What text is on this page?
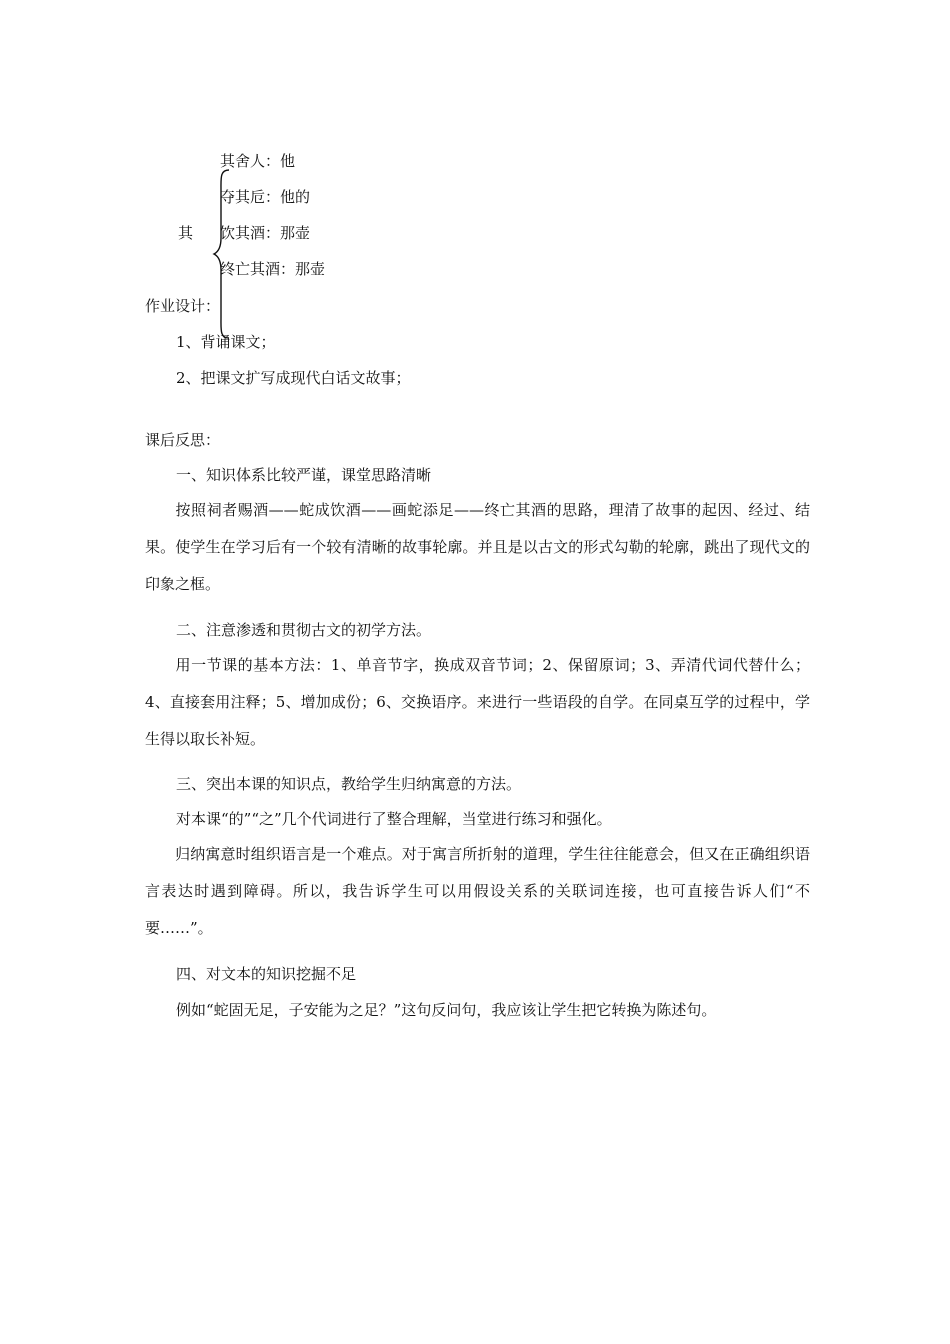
其舍人：他
夺其卮：他的
其 饮其酒：那壶
终亡其酒：那壶
作业设计：
1、背诵课文；
2、把课文扩写成现代白话文故事；
课后反思：
一、知识体系比较严谨，课堂思路清晰
按照祠者赐酒——蛇成饮酒——画蛇添足——终亡其酒的思路，理清了故事的起因、经过、结果。使学生在学习后有一个较有清晰的故事轮廓。并且是以古文的形式勾勒的轮廓，跳出了现代文的印象之框。
二、注意渗透和贯彻古文的初学方法。
用一节课的基本方法：1、单音节字，换成双音节词；2、保留原词；3、弄清代词代替什么；4、直接套用注释；5、增加成份；6、交换语序。来进行一些语段的自学。在同桌互学的过程中，学生得以取长补短。
三、突出本课的知识点，教给学生归纳寓意的方法。
对本课“的”“之”几个代词进行了整合理解，当堂进行练习和强化。
归纳寓意时组织语言是一个难点。对于寓言所折射的道理，学生往往能意会，但又在正确组织语言表达时遇到障碍。所以，我告诉学生可以用假设关系的关联词连接，也可直接告诉人们“不要……”。
四、对文本的知识挖掘不足
例如“蛇固无足，子安能为之足？”这句反问句，我应该让学生把它转换为陈述句。
